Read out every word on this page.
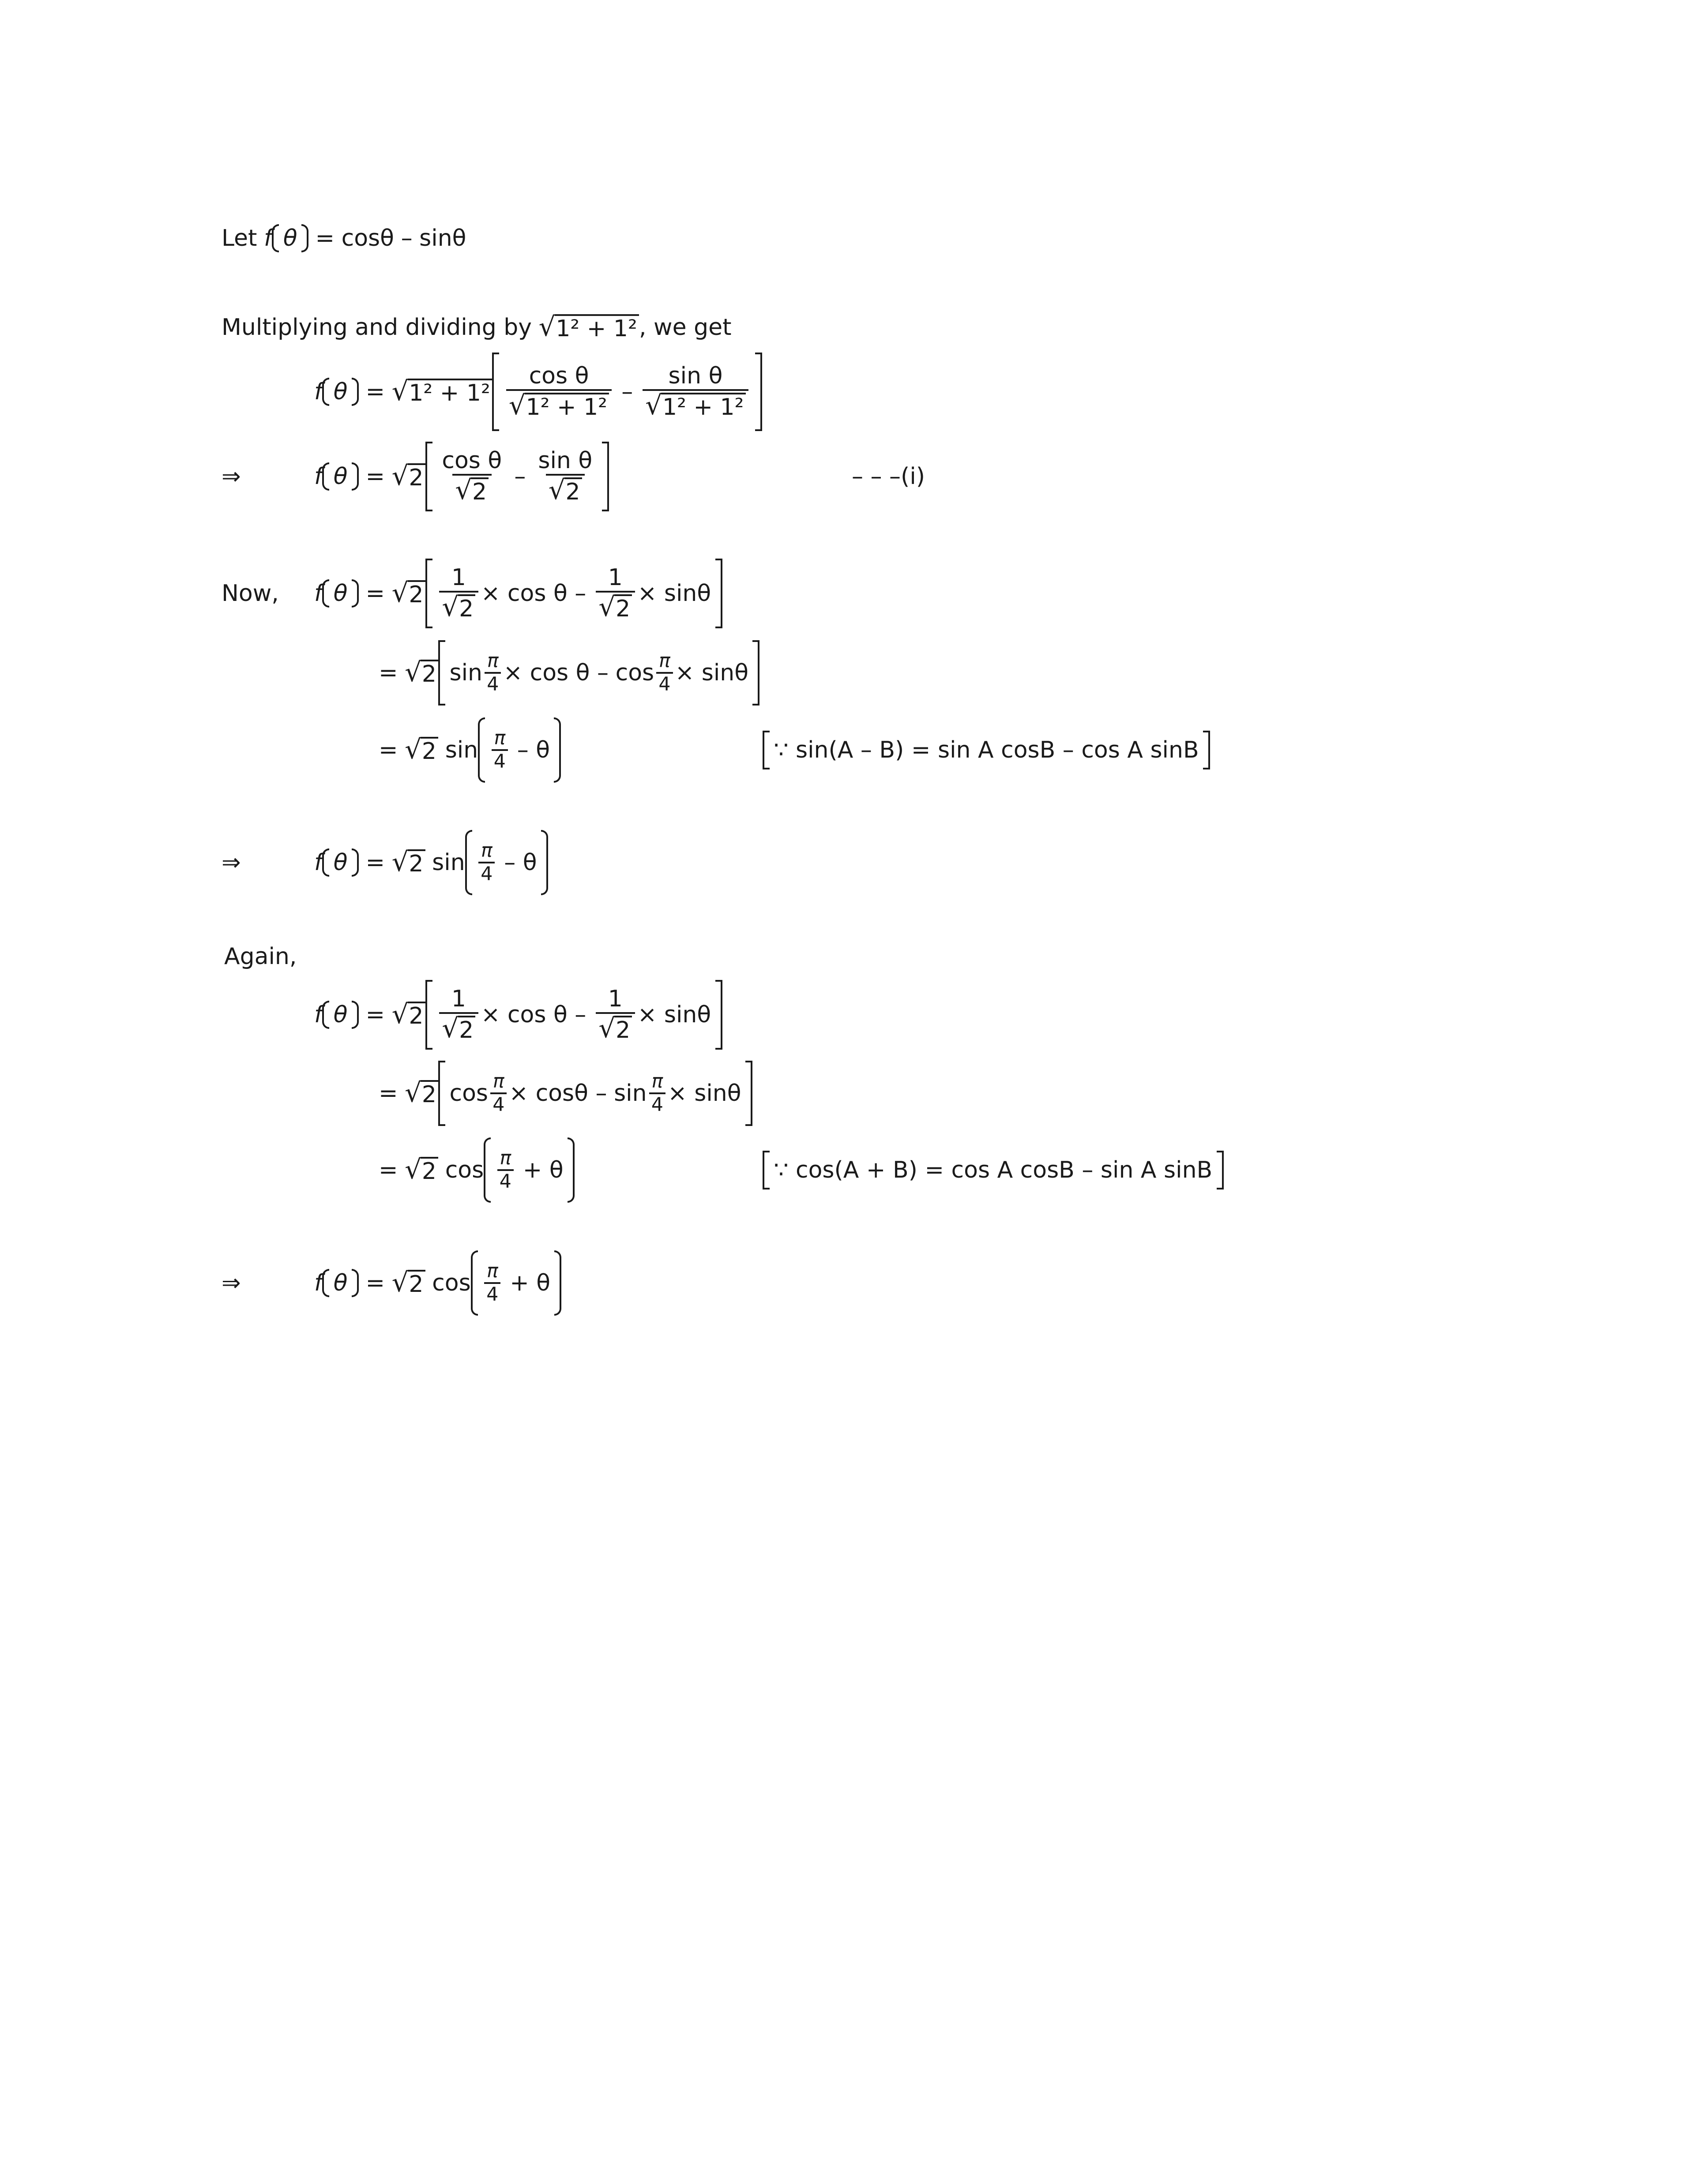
Let f θ = cosθ – sinθ
Multiplying and dividing by √ 1² + 1² , we get
f θ = √ $1^2 + 1^2 \frac{\text{cos θ}}{\text{√ 1² + 1²}} - \frac{\text{sin θ}}{\text{√ 1² + 1²}}$
⇒	f θ = √ $2 \frac{\text{cos θ}}{√ 2} - \frac{\text{sin θ}}{√ 2}$	– – –(i)
Now, f θ = √ $2 \frac{1}{√ 2} \times \cos \theta - \frac{1}{√ 2} \times \sin\theta$
= √ 2 $\sin \frac{\pi}{4} \times \cos \theta - \cos \frac{\pi}{4} \times \sin\theta$
= √ 2 $\sin \frac{\pi}{4}$ – θ	∵ sin(A – B) = sin A cosB – cos A sinB
⇒	f θ = √ 2 $\sin \frac{\pi}{4}$ – θ
Again,
f θ = √ $2 \frac{1}{√ 2} \times \cos \theta - \frac{1}{√ 2} \times \sin\theta$
= √ 2 $\cos \frac{\pi}{4} \times \cos\theta - \sin \frac{\pi}{4} \times \sin\theta$
= √ 2 $\cos \frac{\pi}{4} + \theta$	∵ cos(A + B) = cos A cosB – sin A sinB
⇒	f θ = √ 2 $\cos \frac{\pi}{4} + \theta$
